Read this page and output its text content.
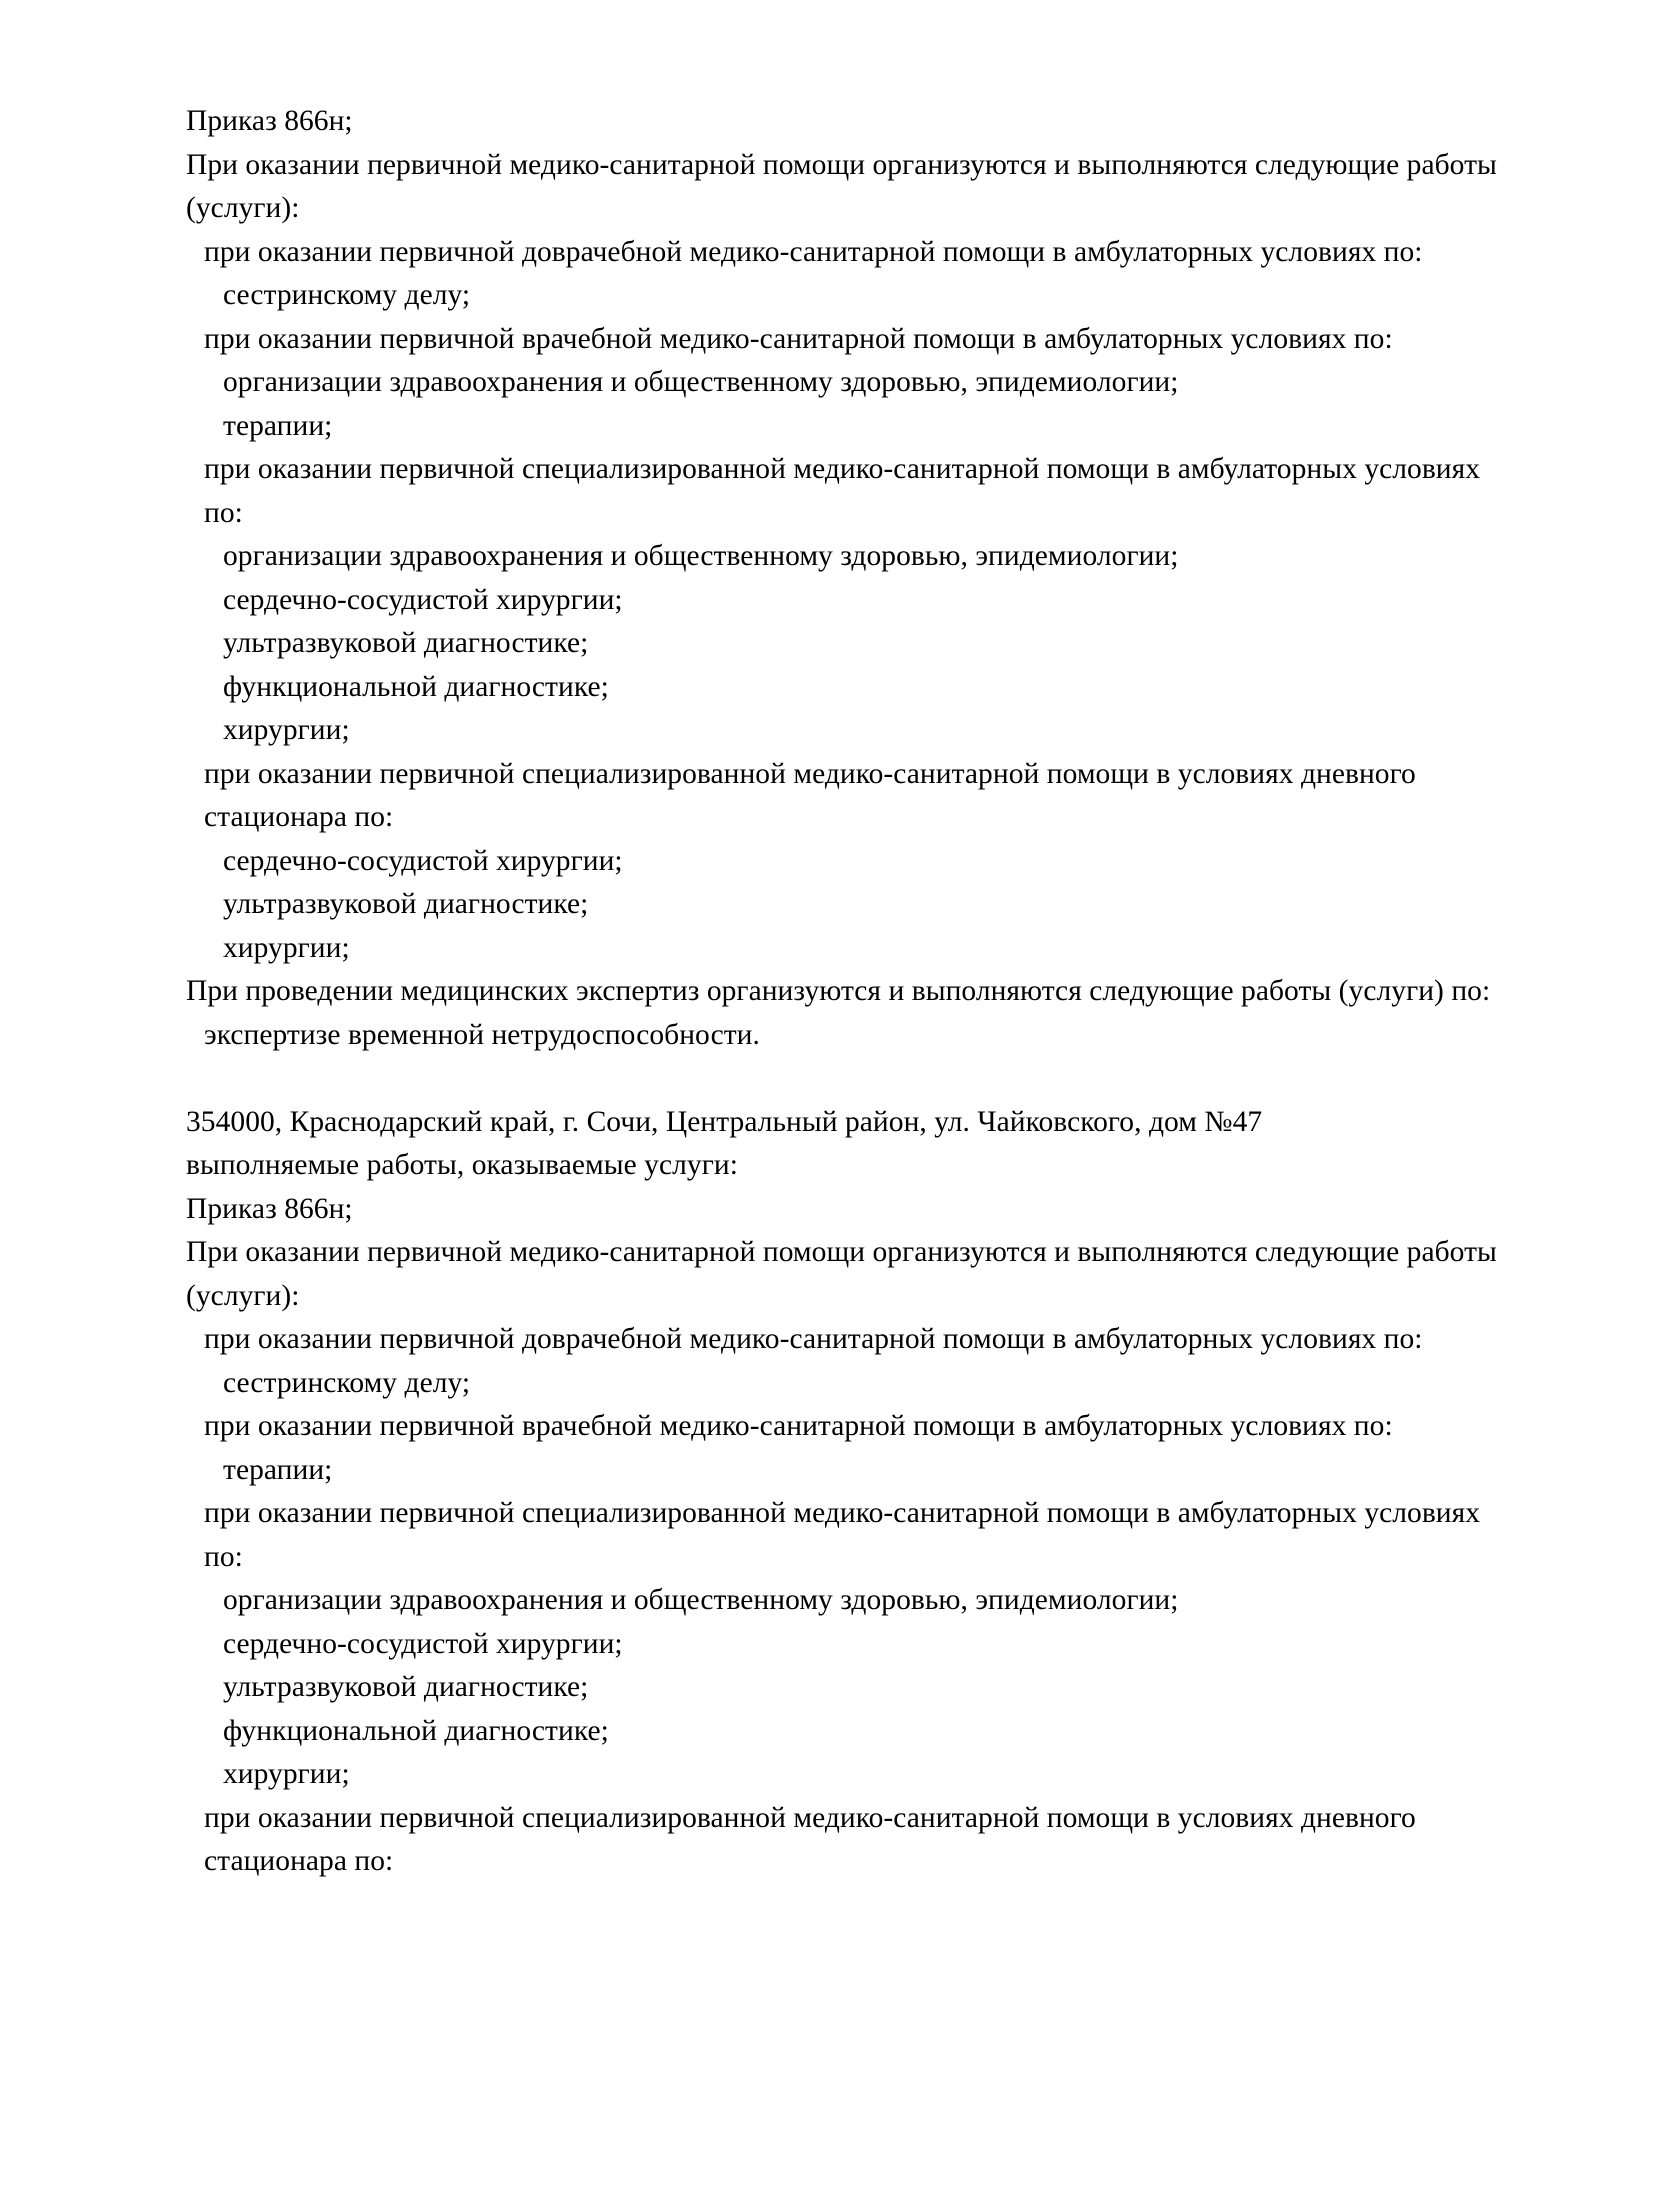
Приказ 866н;
При оказании первичной медико-санитарной помощи организуются и выполняются следующие работы (услуги):
при оказании первичной доврачебной медико-санитарной помощи в амбулаторных условиях по:
сестринскому делу;
при оказании первичной врачебной медико-санитарной помощи в амбулаторных условиях по:
организации здравоохранения и общественному здоровью, эпидемиологии;
терапии;
при оказании первичной специализированной медико-санитарной помощи в амбулаторных условиях по:
организации здравоохранения и общественному здоровью, эпидемиологии;
сердечно-сосудистой хирургии;
ультразвуковой диагностике;
функциональной диагностике;
хирургии;
при оказании первичной специализированной медико-санитарной помощи в условиях дневного стационара по:
сердечно-сосудистой хирургии;
ультразвуковой диагностике;
хирургии;
При проведении медицинских экспертиз организуются и выполняются следующие работы (услуги) по:
экспертизе временной нетрудоспособности.
354000, Краснодарский край, г. Сочи, Центральный район, ул. Чайковского, дом №47
выполняемые работы, оказываемые услуги:
Приказ 866н;
При оказании первичной медико-санитарной помощи организуются и выполняются следующие работы (услуги):
при оказании первичной доврачебной медико-санитарной помощи в амбулаторных условиях по:
сестринскому делу;
при оказании первичной врачебной медико-санитарной помощи в амбулаторных условиях по:
терапии;
при оказании первичной специализированной медико-санитарной помощи в амбулаторных условиях по:
организации здравоохранения и общественному здоровью, эпидемиологии;
сердечно-сосудистой хирургии;
ультразвуковой диагностике;
функциональной диагностике;
хирургии;
при оказании первичной специализированной медико-санитарной помощи в условиях дневного стационара по:
